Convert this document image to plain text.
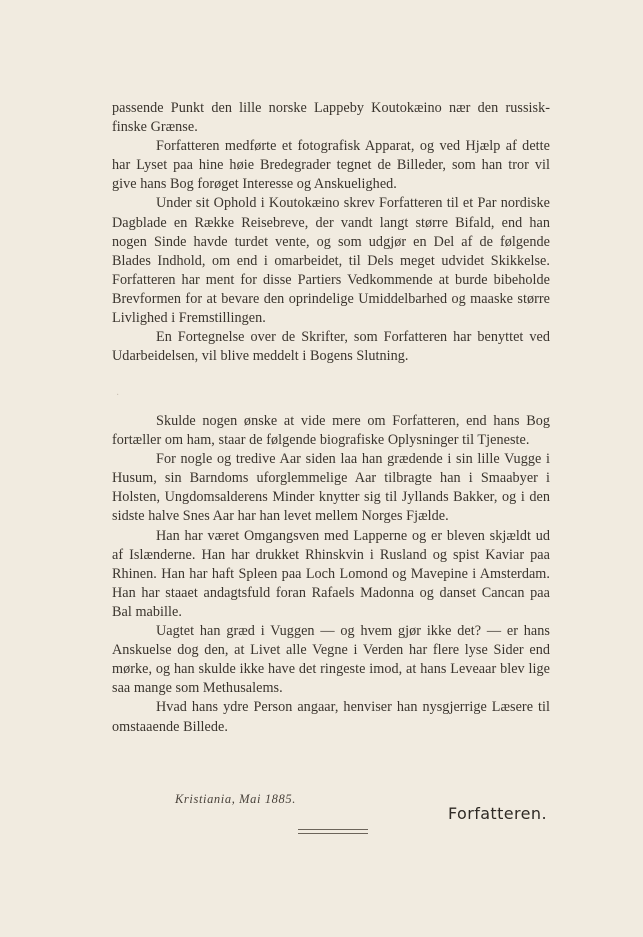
passende Punkt den lille norske Lappeby Koutokæino nær den russisk-finske Grænse.

Forfatteren medførte et fotografisk Apparat, og ved Hjælp af dette har Lyset paa hine høie Bredegrader tegnet de Billeder, som han tror vil give hans Bog forøget Interesse og Anskuelighed.

Under sit Ophold i Koutokæino skrev Forfatteren til et Par nordiske Dagblade en Række Reisebreve, der vandt langt større Bifald, end han nogen Sinde havde turdet vente, og som udgjør en Del af de følgende Blades Indhold, om end i omarbeidet, til Dels meget udvidet Skikkelse. Forfatteren har ment for disse Partiers Vedkommende at burde bibeholde Brevformen for at bevare den oprindelige Umiddelbarhed og maaske større Livlighed i Fremstillingen.

En Fortegnelse over de Skrifter, som Forfatteren har benyttet ved Udarbeidelsen, vil blive meddelt i Bogens Slutning.

·

Skulde nogen ønske at vide mere om Forfatteren, end hans Bog fortæller om ham, staar de følgende biografiske Oplysninger til Tjeneste.

For nogle og tredive Aar siden laa han grædende i sin lille Vugge i Husum, sin Barndoms uforglemmelige Aar tilbragte han i Smaabyer i Holsten, Ungdomsalderens Minder knytter sig til Jyllands Bakker, og i den sidste halve Snes Aar har han levet mellem Norges Fjælde.

Han har været Omgangsven med Lapperne og er bleven skjældt ud af Islænderne. Han har drukket Rhinskvin i Rusland og spist Kaviar paa Rhinen. Han har haft Spleen paa Loch Lomond og Mavepine i Amsterdam. Han har staaet andagtsfuld foran Rafaels Madonna og danset Cancan paa Bal mabille.

Uagtet han græd i Vuggen — og hvem gjør ikke det? — er hans Anskuelse dog den, at Livet alle Vegne i Verden har flere lyse Sider end mørke, og han skulde ikke have det ringeste imod, at hans Leveaar blev lige saa mange som Methusalems.

Hvad hans ydre Person angaar, henviser han nysgjerrige Læsere til omstaaende Billede.

Kristiania, Mai 1885.
Forfatteren.
